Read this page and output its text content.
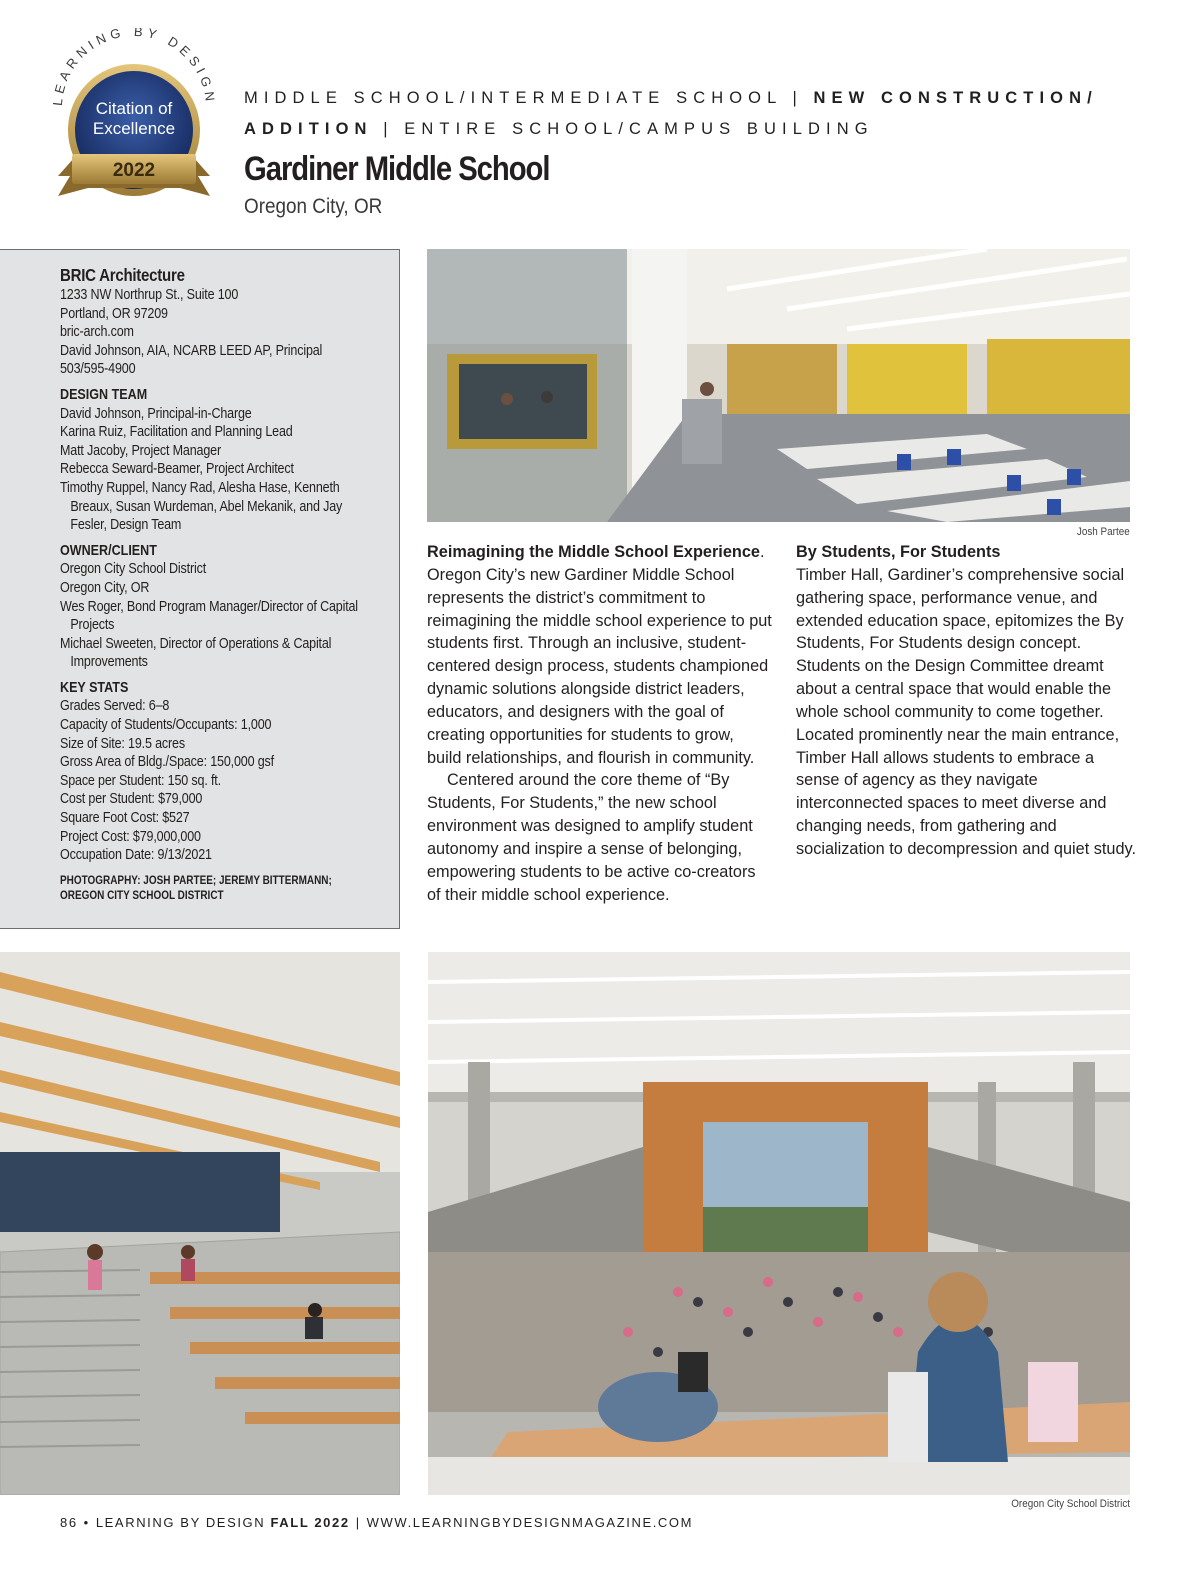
LEARNING BY DESIGN
Citation of
Excellence
2022
MIDDLE SCHOOL/INTERMEDIATE SCHOOL | NEW CONSTRUCTION/
ADDITION | ENTIRE SCHOOL/CAMPUS BUILDING
Gardiner Middle School
Oregon City, OR
BRIC Architecture
1233 NW Northrup St., Suite 100
Portland, OR 97209
bric-arch.com
David Johnson, AIA, NCARB LEED AP, Principal
503/595-4900
DESIGN TEAM
David Johnson, Principal-in-Charge
Karina Ruiz, Facilitation and Planning Lead
Matt Jacoby, Project Manager
Rebecca Seward-Beamer, Project Architect
Timothy Ruppel, Nancy Rad, Alesha Hase, Kenneth Breaux, Susan Wurdeman, Abel Mekanik, and Jay Fesler, Design Team
OWNER/CLIENT
Oregon City School District
Oregon City, OR
Wes Roger, Bond Program Manager/Director of Capital Projects
Michael Sweeten, Director of Operations & Capital Improvements
KEY STATS
Grades Served: 6–8
Capacity of Students/Occupants: 1,000
Size of Site: 19.5 acres
Gross Area of Bldg./Space: 150,000 gsf
Space per Student: 150 sq. ft.
Cost per Student: $79,000
Square Foot Cost: $527
Project Cost: $79,000,000
Occupation Date: 9/13/2021
PHOTOGRAPHY: JOSH PARTEE; JEREMY BITTERMANN; OREGON CITY SCHOOL DISTRICT
Josh Partee

Reimagining the Middle School Experience. Oregon City’s new Gardiner Middle School represents the district’s commitment to reimagining the middle school experience to put students first. Through an inclusive, student-centered design process, students championed dynamic solutions alongside district leaders, educators, and designers with the goal of creating opportunities for students to grow, build relationships, and flourish in community.

Centered around the core theme of “By Students, For Students,” the new school environment was designed to amplify student autonomy and inspire a sense of belonging, empowering students to be active co-creators of their middle school experience.

By Students, For Students

Timber Hall, Gardiner’s comprehensive social gathering space, performance venue, and extended education space, epitomizes the By Students, For Students design concept. Students on the Design Committee dreamt about a central space that would enable the whole school community to come together. Located prominently near the main entrance, Timber Hall allows students to embrace a sense of agency as they navigate interconnected spaces to meet diverse and changing needs, from gathering and socialization to decompression and quiet study.

Oregon City School District
86 • LEARNING BY DESIGN FALL 2022 | WWW.LEARNINGBYDESIGNMAGAZINE.COM
